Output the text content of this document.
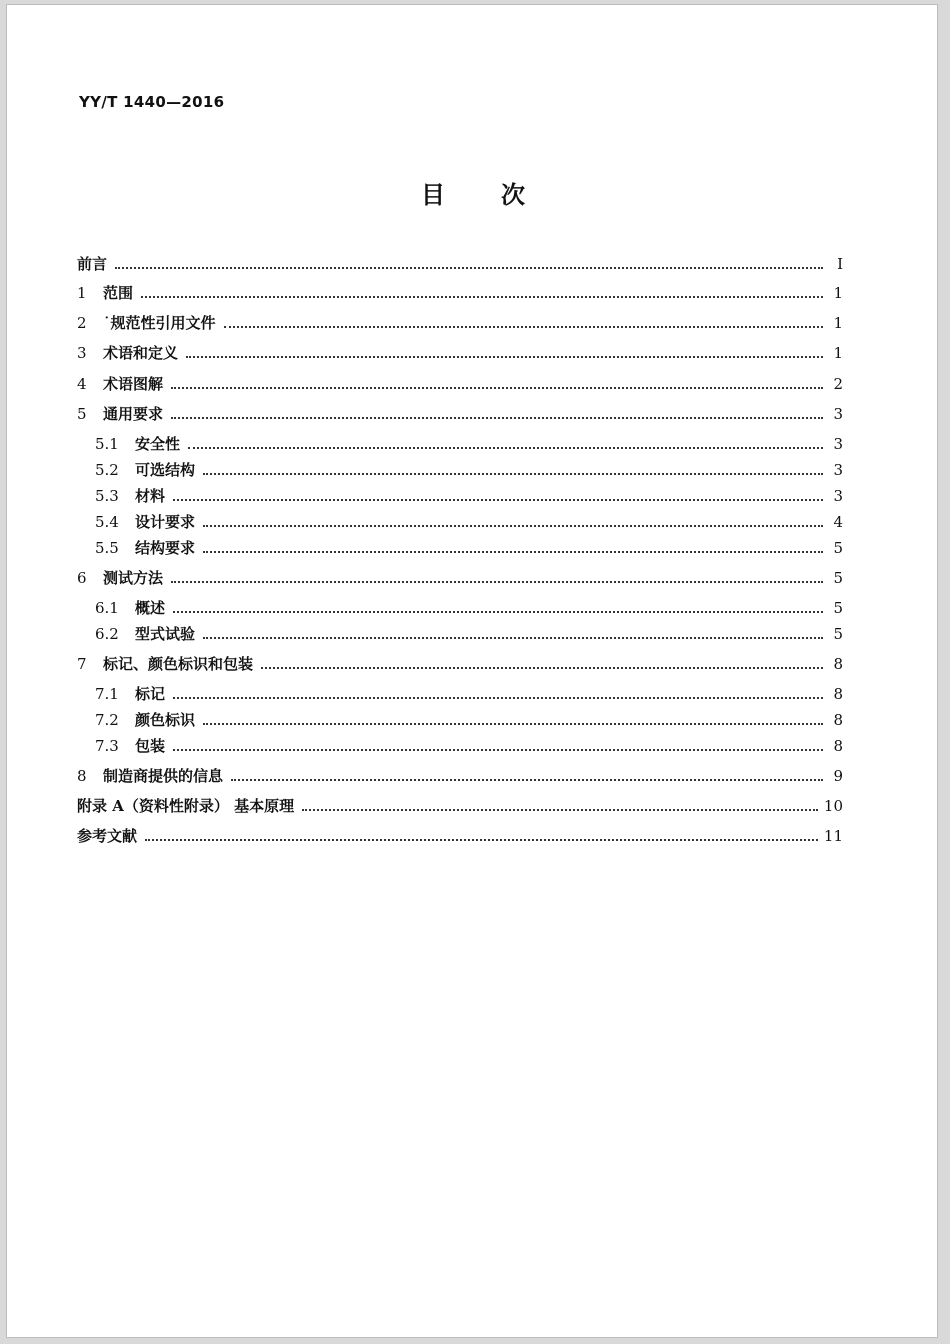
YY/T 1440—2016
目次
前言	I
1	范围	1
2	˙规范性引用文件	1
3	术语和定义	1
4	术语图解	2
5	通用要求	3
5.1	安全性	3
5.2	可选结构	3
5.3	材料	3
5.4	设计要求	4
5.5	结构要求	5
6	测试方法	5
6.1	概述	5
6.2	型式试验	5
7	标记、颜色标识和包装	8
7.1	标记	8
7.2	颜色标识	8
7.3	包装	8
8	制造商提供的信息	9
附录 A（资料性附录） 基本原理	10
参考文献	11
